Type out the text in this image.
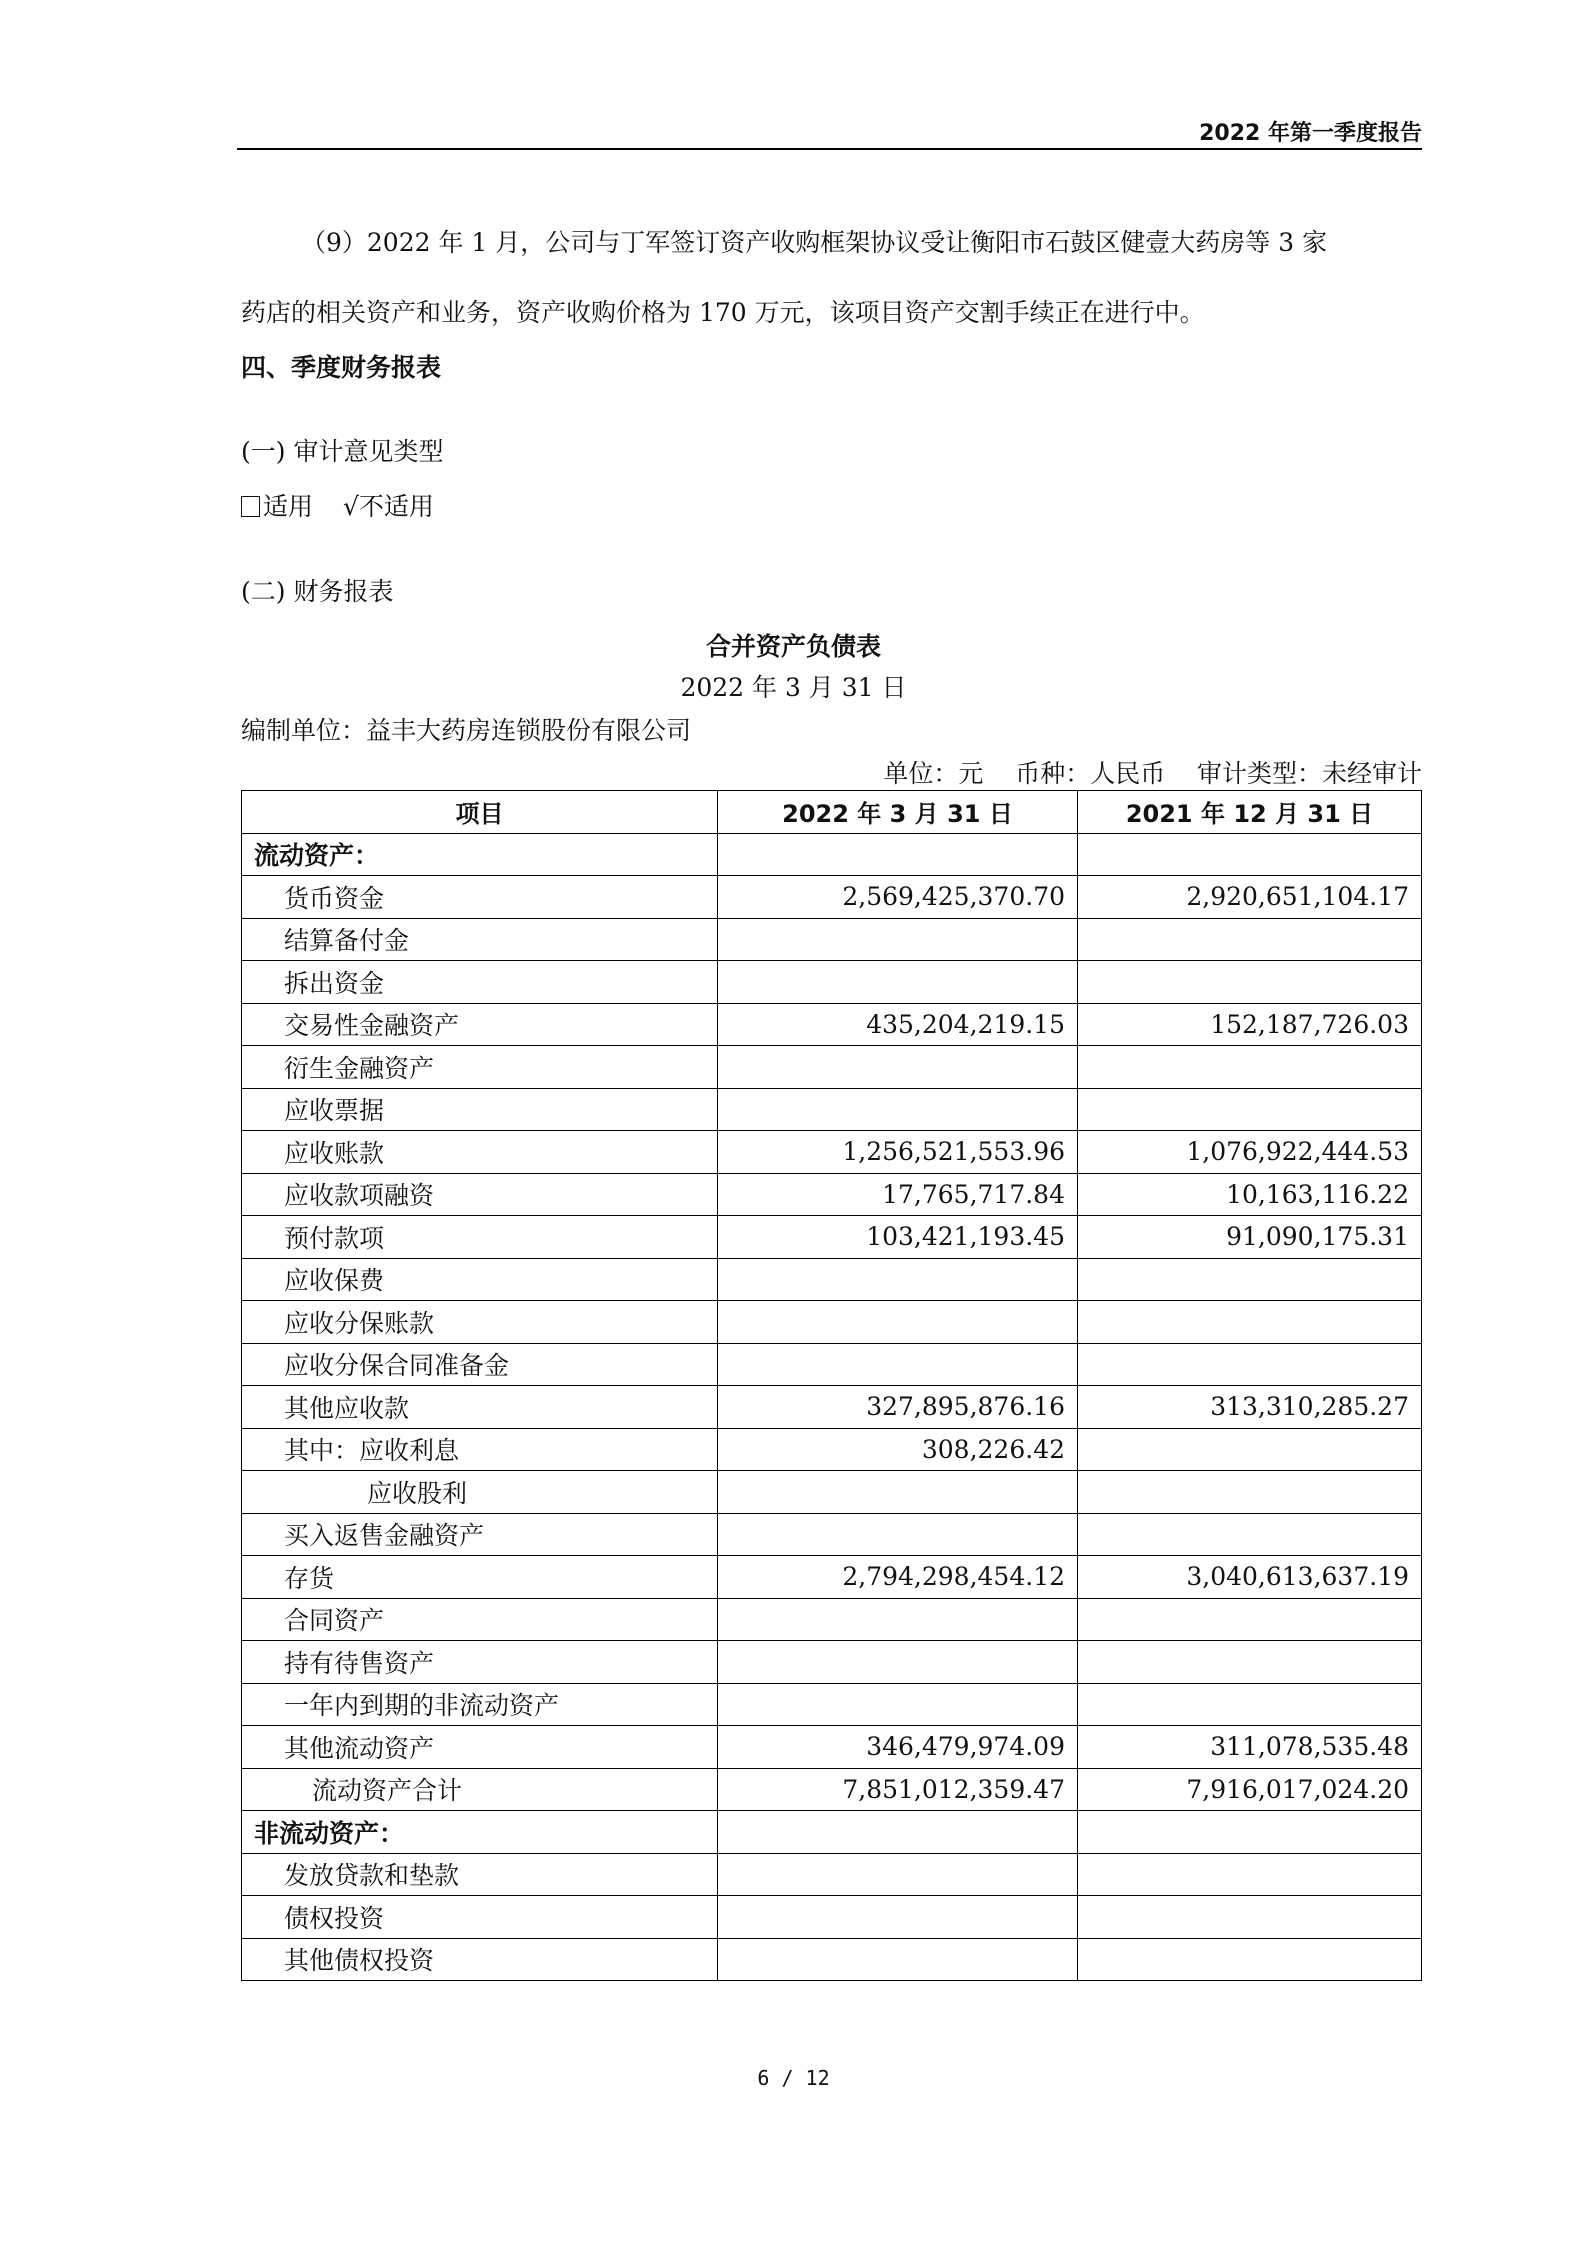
2022 年第一季度报告

（9）2022 年 1 月，公司与丁军签订资产收购框架协议受让衡阳市石鼓区健壹大药房等 3 家

药店的相关资产和业务，资产收购价格为 170 万元，该项目资产交割手续正在进行中。

四、季度财务报表
(一) 审计意见类型
适用 √不适用
(二) 财务报表
合并资产负债表
2022 年 3 月 31 日
编制单位：益丰大药房连锁股份有限公司
单位：元    币种：人民币    审计类型：未经审计
项目	2022 年 3 月 31 日	2021 年 12 月 31 日
流动资产：		
货币资金	2,569,425,370.70	2,920,651,104.17
结算备付金		
拆出资金		
交易性金融资产	435,204,219.15	152,187,726.03
衍生金融资产		
应收票据		
应收账款	1,256,521,553.96	1,076,922,444.53
应收款项融资	17,765,717.84	10,163,116.22
预付款项	103,421,193.45	91,090,175.31
应收保费		
应收分保账款		
应收分保合同准备金		
其他应收款	327,895,876.16	313,310,285.27
其中：应收利息	308,226.42	
应收股利		
买入返售金融资产		
存货	2,794,298,454.12	3,040,613,637.19
合同资产		
持有待售资产		
一年内到期的非流动资产		
其他流动资产	346,479,974.09	311,078,535.48
流动资产合计	7,851,012,359.47	7,916,017,024.20
非流动资产：		
发放贷款和垫款		
债权投资		
其他债权投资		
6 / 12
